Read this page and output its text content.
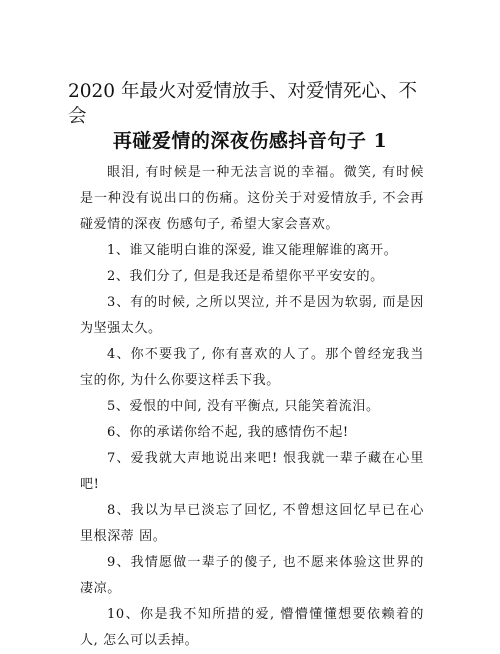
2020 年最火对爱情放手、对爱情死心、不会
再碰爱情的深夜伤感抖音句子 1

眼泪, 有时候是一种无法言说的幸福。微笑, 有时候是一种没有说出口的伤痛。这份关于对爱情放手, 不会再碰爱情的深夜 伤感句子, 希望大家会喜欢。

1、谁又能明白谁的深爱, 谁又能理解谁的离开。

2、我们分了, 但是我还是希望你平平安安的。

3、有的时候, 之所以哭泣, 并不是因为软弱, 而是因为坚强太久。

4、你不要我了, 你有喜欢的人了。那个曾经宠我当宝的你, 为什么你要这样丢下我。

5、爱恨的中间, 没有平衡点, 只能笑着流泪。

6、你的承诺你给不起, 我的感情伤不起!

7、爱我就大声地说出来吧! 恨我就一辈子藏在心里吧!

8、我以为早已淡忘了回忆, 不曾想这回忆早已在心里根深蒂 固。

9、我情愿做一辈子的傻子, 也不愿来体验这世界的凄凉。

10、你是我不知所措的爱, 懵懵懂懂想要依赖着的人, 怎么可以丢掉。
